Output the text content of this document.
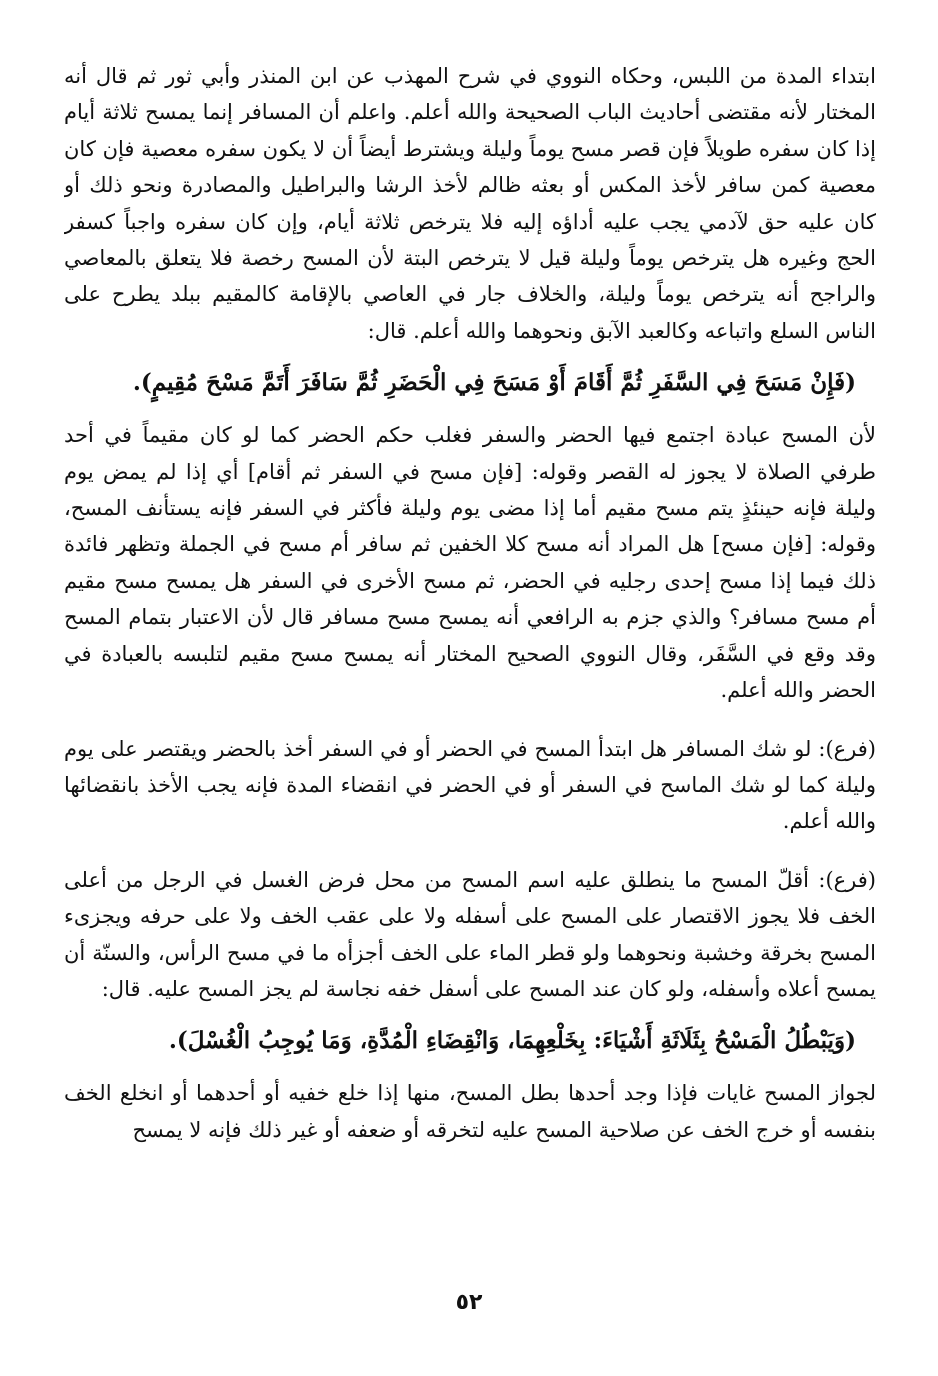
ابتداء المدة من اللبس، وحكاه النووي في شرح المهذب عن ابن المنذر وأبي ثور ثم قال أنه المختار لأنه مقتضى أحاديث الباب الصحيحة والله أعلم. واعلم أن المسافر إنما يمسح ثلاثة أيام إذا كان سفره طويلاً فإن قصر مسح يوماً وليلة ويشترط أيضاً أن لا يكون سفره معصية فإن كان معصية كمن سافر لأخذ المكس أو بعثه ظالم لأخذ الرشا والبراطيل والمصادرة ونحو ذلك أو كان عليه حق لآدمي يجب عليه أداؤه إليه فلا يترخص ثلاثة أيام، وإن كان سفره واجباً كسفر الحج وغيره هل يترخص يوماً وليلة قيل لا يترخص البتة لأن المسح رخصة فلا يتعلق بالمعاصي والراجح أنه يترخص يوماً وليلة، والخلاف جار في العاصي بالإقامة كالمقيم ببلد يطرح على الناس السلع واتباعه وكالعبد الآبق ونحوهما والله أعلم. قال:

(فَإِنْ مَسَحَ فِي السَّفَرِ ثُمَّ أَقَامَ أَوْ مَسَحَ فِي الْحَضَرِ ثُمَّ سَافَرَ أَتَمَّ مَسْحَ مُقِيمٍ).

لأن المسح عبادة اجتمع فيها الحضر والسفر فغلب حكم الحضر كما لو كان مقيماً في أحد طرفي الصلاة لا يجوز له القصر وقوله: [فإن مسح في السفر ثم أقام] أي إذا لم يمض يوم وليلة فإنه حينئذٍ يتم مسح مقيم أما إذا مضى يوم وليلة فأكثر في السفر فإنه يستأنف المسح، وقوله: [فإن مسح] هل المراد أنه مسح كلا الخفين ثم سافر أم مسح في الجملة وتظهر فائدة ذلك فيما إذا مسح إحدى رجليه في الحضر، ثم مسح الأخرى في السفر هل يمسح مسح مقيم أم مسح مسافر؟ والذي جزم به الرافعي أنه يمسح مسح مسافر قال لأن الاعتبار بتمام المسح وقد وقع في السَّفَر، وقال النووي الصحيح المختار أنه يمسح مسح مقيم لتلبسه بالعبادة في الحضر والله أعلم.

(فرع): لو شك المسافر هل ابتدأ المسح في الحضر أو في السفر أخذ بالحضر ويقتصر على يوم وليلة كما لو شك الماسح في السفر أو في الحضر في انقضاء المدة فإنه يجب الأخذ بانقضائها والله أعلم.

(فرع): أقلّ المسح ما ينطلق عليه اسم المسح من محل فرض الغسل في الرجل من أعلى الخف فلا يجوز الاقتصار على المسح على أسفله ولا على عقب الخف ولا على حرفه ويجزىء المسح بخرقة وخشبة ونحوهما ولو قطر الماء على الخف أجزأه ما في مسح الرأس، والسنّة أن يمسح أعلاه وأسفله، ولو كان عند المسح على أسفل خفه نجاسة لم يجز المسح عليه. قال:

(وَيَبْطُلُ الْمَسْحُ بِثَلَاثَةِ أَشْيَاءَ: بِخَلْعِهِمَا، وَانْقِضَاءِ الْمُدَّةِ، وَمَا يُوجِبُ الْغُسْلَ).

لجواز المسح غايات فإذا وجد أحدها بطل المسح، منها إذا خلع خفيه أو أحدهما أو انخلع الخف بنفسه أو خرج الخف عن صلاحية المسح عليه لتخرقه أو ضعفه أو غير ذلك فإنه لا يمسح

٥٢
